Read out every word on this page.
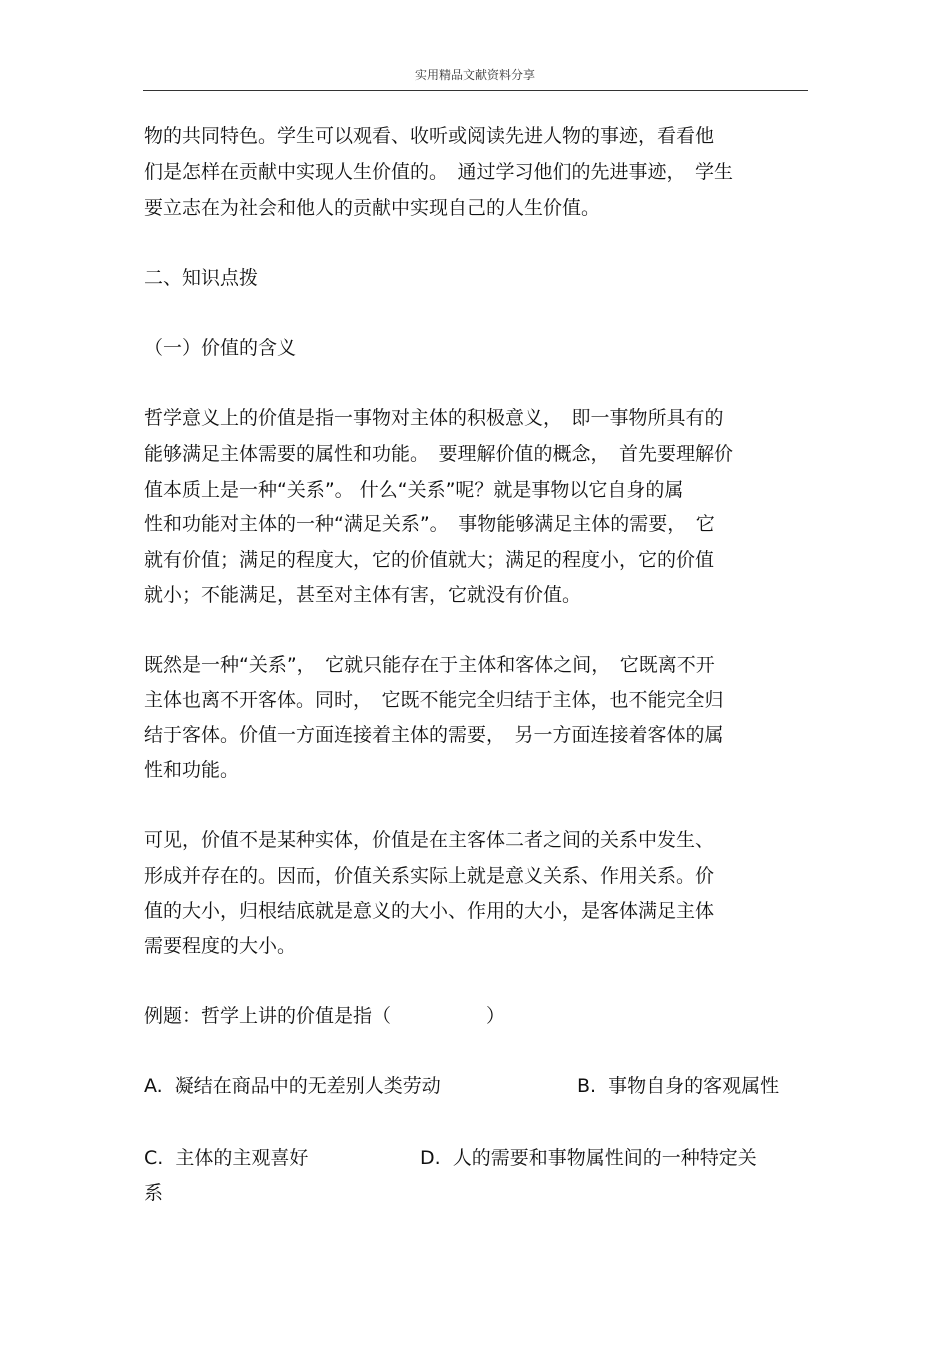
实用精品文献资料分享
物的共同特色。学生可以观看、收听或阅读先进人物的事迹，看看他
们是怎样在贡献中实现人生价值的。　通过学习他们的先进事迹，　学生
要立志在为社会和他人的贡献中实现自己的人生价值。
二、知识点拨
（一）价值的含义
哲学意义上的价值是指一事物对主体的积极意义，　即一事物所具有的
能够满足主体需要的属性和功能。　要理解价值的概念，　首先要理解价
值本质上是一种“关系”。 什么“关系”呢？就是事物以它自身的属
性和功能对主体的一种“满足关系”。　事物能够满足主体的需要，　它
就有价值；满足的程度大，它的价值就大；满足的程度小，它的价值
就小；不能满足，甚至对主体有害，它就没有价值。
既然是一种“关系”，　它就只能存在于主体和客体之间，　它既离不开
主体也离不开客体。同时，　它既不能完全归结于主体，也不能完全归
结于客体。价值一方面连接着主体的需要，　另一方面连接着客体的属
性和功能。
可见，价值不是某种实体，价值是在主客体二者之间的关系中发生、
形成并存在的。因而，价值关系实际上就是意义关系、作用关系。价
值的大小，归根结底就是意义的大小、作用的大小，是客体满足主体
需要程度的大小。
例题：哲学上讲的价值是指（　　　　　）
A.  凝结在商品中的无差别人类劳动	B.  事物自身的客观属性
C.  主体的主观喜好	D.  人的需要和事物属性间的一种特定关
系
